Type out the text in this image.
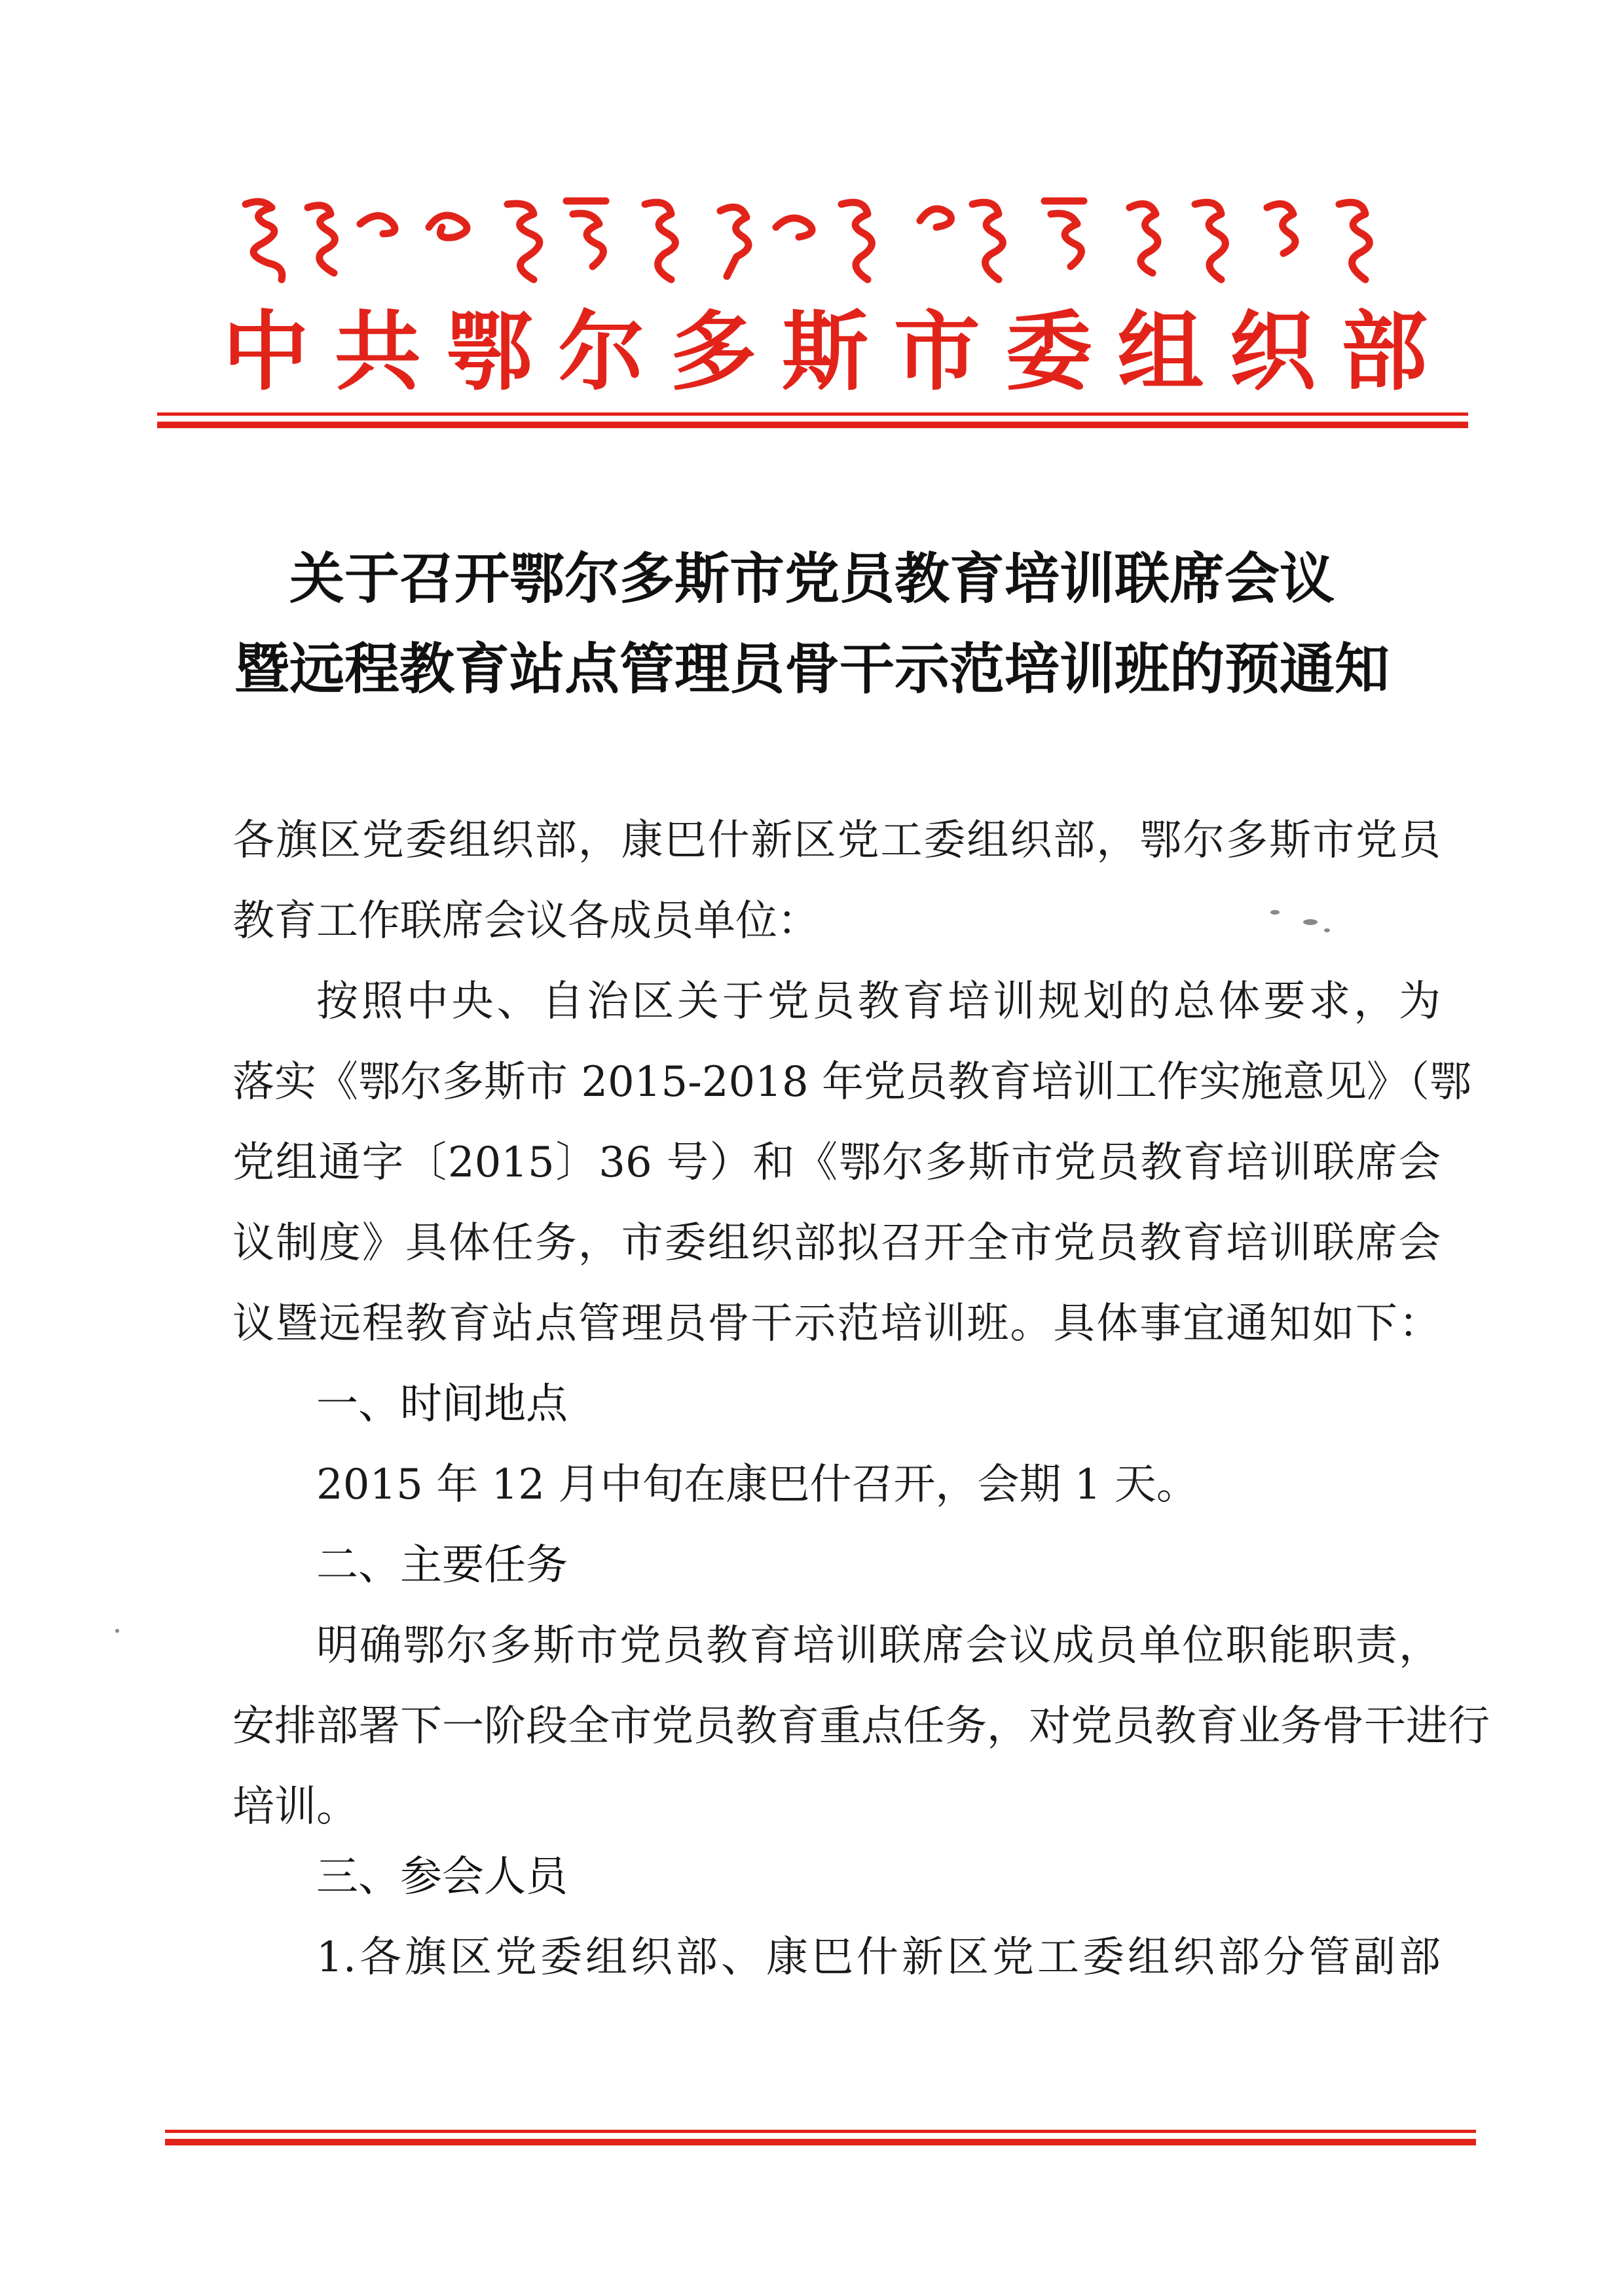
中 共 鄂 尔 多 斯 市 委 组 织 部
关于召开鄂尔多斯市党员教育培训联席会议
暨远程教育站点管理员骨干示范培训班的预通知
各旗区党委组织部，康巴什新区党工委组织部，鄂尔多斯市党员
教育工作联席会议各成员单位：
按照中央、自治区关于党员教育培训规划的总体要求，为
落实《鄂尔多斯市 2015-2018 年党员教育培训工作实施意见》（鄂
党组通字〔2015〕36 号）和《鄂尔多斯市党员教育培训联席会
议制度》具体任务，市委组织部拟召开全市党员教育培训联席会
议暨远程教育站点管理员骨干示范培训班。具体事宜通知如下：
一、时间地点
2015 年 12 月中旬在康巴什召开，会期 1 天。
二、主要任务
明确鄂尔多斯市党员教育培训联席会议成员单位职能职责，
安排部署下一阶段全市党员教育重点任务，对党员教育业务骨干进行
培训。
三、参会人员
1.各旗区党委组织部、康巴什新区党工委组织部分管副部
